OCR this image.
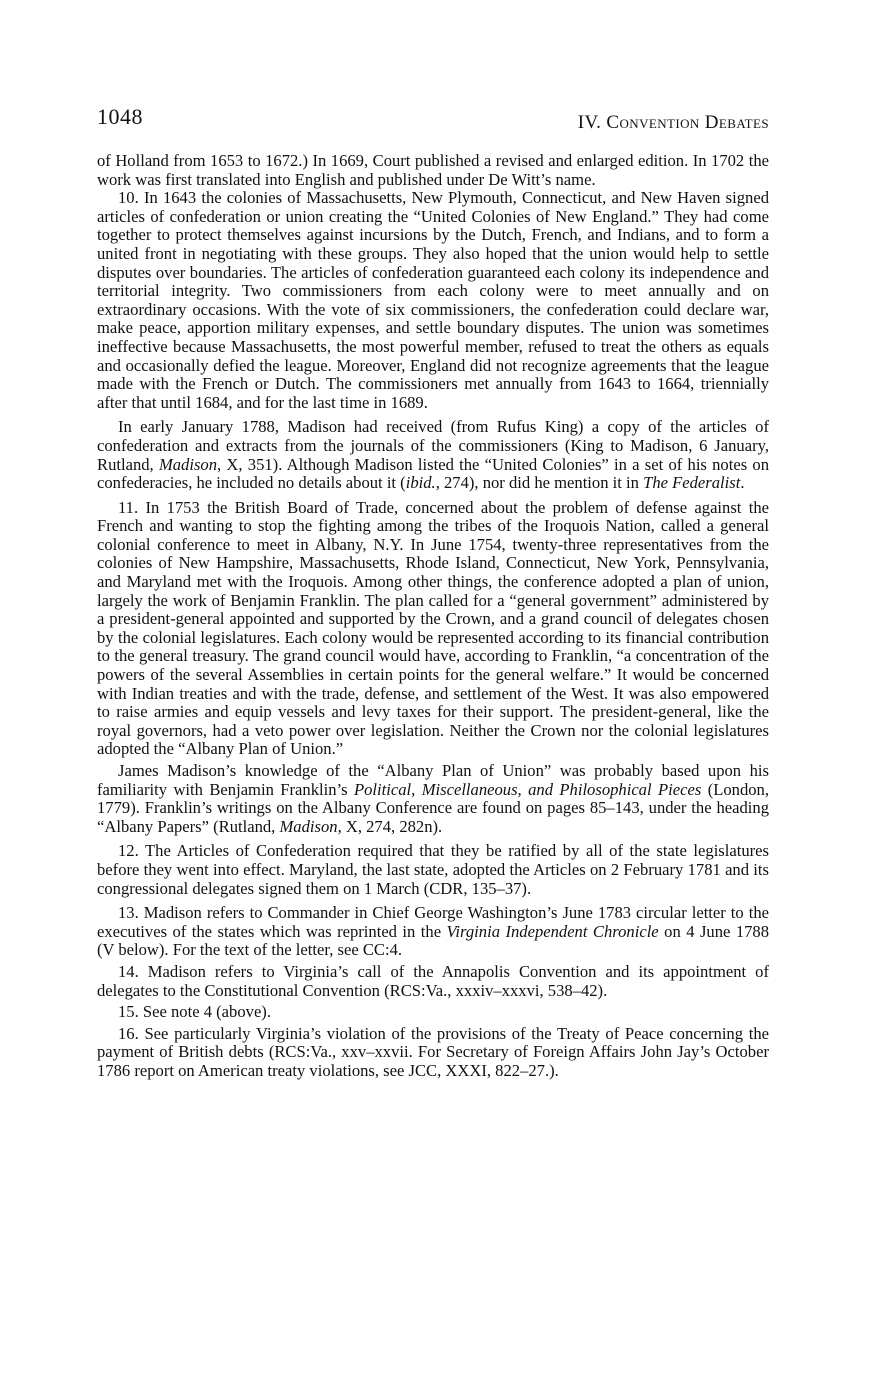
1048	IV. Convention Debates

of Holland from 1653 to 1672.) In 1669, Court published a revised and enlarged edition. In 1702 the work was first translated into English and published under De Witt’s name.

10. In 1643 the colonies of Massachusetts, New Plymouth, Connecticut, and New Haven signed articles of confederation or union creating the “United Colonies of New England.” They had come together to protect themselves against incursions by the Dutch, French, and Indians, and to form a united front in negotiating with these groups. They also hoped that the union would help to settle disputes over boundaries. The articles of confederation guaranteed each colony its independence and territorial integrity. Two commissioners from each colony were to meet annually and on extraordinary occasions. With the vote of six commissioners, the confederation could declare war, make peace, apportion military expenses, and settle boundary disputes. The union was sometimes ineffective because Massachusetts, the most powerful member, refused to treat the others as equals and occasionally defied the league. Moreover, England did not recognize agreements that the league made with the French or Dutch. The commissioners met annually from 1643 to 1664, triennially after that until 1684, and for the last time in 1689.

In early January 1788, Madison had received (from Rufus King) a copy of the articles of confederation and extracts from the journals of the commissioners (King to Madison, 6 January, Rutland, Madison, X, 351). Although Madison listed the “United Colonies” in a set of his notes on confederacies, he included no details about it (ibid., 274), nor did he mention it in The Federalist.

11. In 1753 the British Board of Trade, concerned about the problem of defense against the French and wanting to stop the fighting among the tribes of the Iroquois Nation, called a general colonial conference to meet in Albany, N.Y. In June 1754, twenty-three representatives from the colonies of New Hampshire, Massachusetts, Rhode Island, Connecticut, New York, Pennsylvania, and Maryland met with the Iroquois. Among other things, the conference adopted a plan of union, largely the work of Benjamin Franklin. The plan called for a “general government” administered by a president-general appointed and supported by the Crown, and a grand council of delegates chosen by the colonial legislatures. Each colony would be represented according to its financial contribution to the general treasury. The grand council would have, according to Franklin, “a concentration of the powers of the several Assemblies in certain points for the general welfare.” It would be concerned with Indian treaties and with the trade, defense, and settlement of the West. It was also empowered to raise armies and equip vessels and levy taxes for their support. The president-general, like the royal governors, had a veto power over legislation. Neither the Crown nor the colonial legislatures adopted the “Albany Plan of Union.”

James Madison’s knowledge of the “Albany Plan of Union” was probably based upon his familiarity with Benjamin Franklin’s Political, Miscellaneous, and Philosophical Pieces (London, 1779). Franklin’s writings on the Albany Conference are found on pages 85–143, under the heading “Albany Papers” (Rutland, Madison, X, 274, 282n).

12. The Articles of Confederation required that they be ratified by all of the state legislatures before they went into effect. Maryland, the last state, adopted the Articles on 2 February 1781 and its congressional delegates signed them on 1 March (CDR, 135–37).

13. Madison refers to Commander in Chief George Washington’s June 1783 circular letter to the executives of the states which was reprinted in the Virginia Independent Chronicle on 4 June 1788 (V below). For the text of the letter, see CC:4.

14. Madison refers to Virginia’s call of the Annapolis Convention and its appointment of delegates to the Constitutional Convention (RCS:Va., xxxiv–xxxvi, 538–42).

15. See note 4 (above).

16. See particularly Virginia’s violation of the provisions of the Treaty of Peace concerning the payment of British debts (RCS:Va., xxv–xxvii. For Secretary of Foreign Affairs John Jay’s October 1786 report on American treaty violations, see JCC, XXXI, 822–27.).
